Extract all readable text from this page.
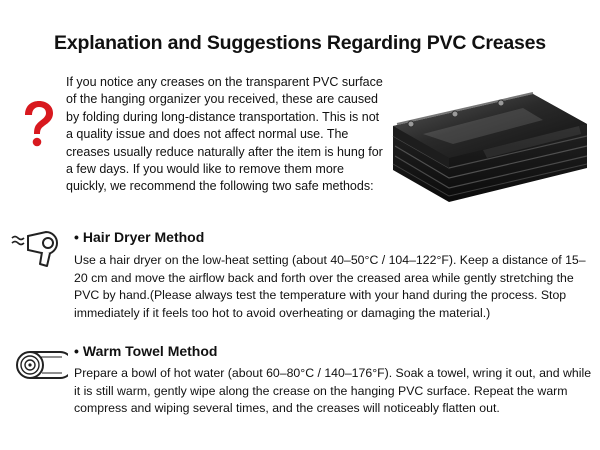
Explanation and Suggestions Regarding PVC Creases

If you notice any creases on the transparent PVC surface of the hanging organizer you received, these are caused by folding during long-distance transportation. This is not a quality issue and does not affect normal use. The creases usually reduce naturally after the item is hung for a few days. If you would like to remove them more quickly, we recommend the following two safe methods:

• Hair Dryer Method

Use a hair dryer on the low-heat setting (about 40–50°C / 104–122°F). Keep a distance of 15–20 cm and move the airflow back and forth over the creased area while gently stretching the PVC by hand.(Please always test the temperature with your hand during the process. Stop immediately if it feels too hot to avoid overheating or damaging the material.)

• Warm Towel Method

Prepare a bowl of hot water (about 60–80°C / 140–176°F). Soak a towel, wring it out, and while it is still warm, gently wipe along the crease on the hanging PVC surface. Repeat the warm compress and wiping several times, and the creases will noticeably flatten out.
